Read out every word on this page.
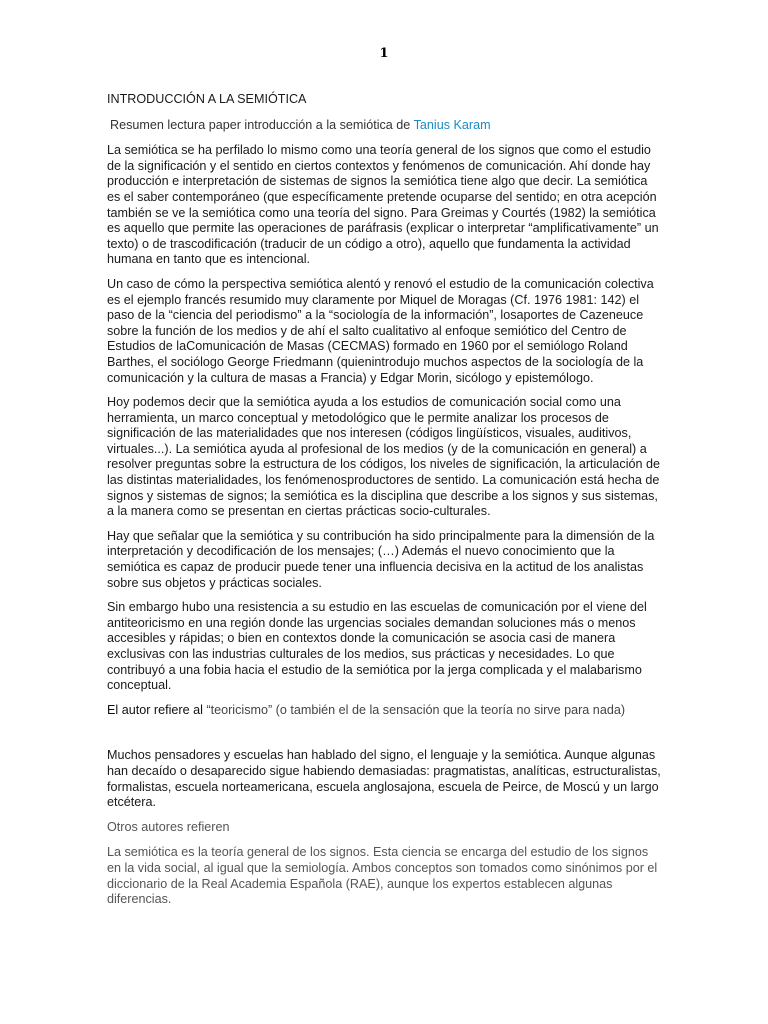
1
INTRODUCCIÓN A LA SEMIÓTICA
Resumen lectura paper introducción a la semiótica de Tanius Karam

La semiótica se ha perfilado lo mismo como una teoría general de los signos que como el estudio de la significación y el sentido en ciertos contextos y fenómenos de comunicación. Ahí donde hay producción e interpretación de sistemas de signos la semiótica tiene algo que decir. La semiótica es el saber contemporáneo (que específicamente pretende ocuparse del sentido; en otra acepción también se ve la semiótica como una teoría del signo. Para Greimas y Courtés (1982) la semiótica es aquello que permite las operaciones de paráfrasis (explicar o interpretar “amplificativamente” un texto) o de trascodificación (traducir de un código a otro), aquello que fundamenta la actividad humana en tanto que es intencional.

Un caso de cómo la perspectiva semiótica alentó y renovó el estudio de la comunicación colectiva es el ejemplo francés resumido muy claramente por Miquel de Moragas (Cf. 1976 1981: 142) el paso de la “ciencia del periodismo” a la “sociología de la información”, losaportes de Cazeneuce sobre la función de los medios y de ahí el salto cualitativo al enfoque semiótico del Centro de Estudios de laComunicación de Masas (CECMAS) formado en 1960 por el semiólogo Roland Barthes, el sociólogo George Friedmann (quienintrodujo muchos aspectos de la sociología de la comunicación y la cultura de masas a Francia) y Edgar Morin, sicólogo y epistemólogo.

Hoy podemos decir que la semiótica ayuda a los estudios de comunicación social como una herramienta, un marco conceptual y metodológico que le permite analizar los procesos de significación de las materialidades que nos interesen (códigos lingüísticos, visuales, auditivos, virtuales...). La semiótica ayuda al profesional de los medios (y de la comunicación en general) a resolver preguntas sobre la estructura de los códigos, los niveles de significación, la articulación de las distintas materialidades, los fenómenosproductores de sentido. La comunicación está hecha de signos y sistemas de signos; la semiótica es la disciplina que describe a los signos y sus sistemas, a la manera como se presentan en ciertas prácticas socio-culturales.

Hay que señalar que la semiótica y su contribución ha sido principalmente para la dimensión de la interpretación y decodificación de los mensajes; (…) Además el nuevo conocimiento que la semiótica es capaz de producir puede tener una influencia decisiva en la actitud de los analistas sobre sus objetos y prácticas sociales.

Sin embargo hubo una resistencia a su estudio en las escuelas de comunicación por el viene del antiteoricismo en una región donde las urgencias sociales demandan soluciones más o menos accesibles y rápidas; o bien en contextos donde la comunicación se asocia casi de manera exclusivas con las industrias culturales de los medios, sus prácticas y necesidades. Lo que contribuyó a una fobia hacia el estudio de la semiótica por la jerga complicada y el malabarismo conceptual.

El autor refiere al “teoricismo” (o también el de la sensación que la teoría no sirve para nada)

Muchos pensadores y escuelas han hablado del signo, el lenguaje y la semiótica. Aunque algunas han decaído o desaparecido sigue habiendo demasiadas: pragmatistas, analíticas, estructuralistas, formalistas, escuela norteamericana, escuela anglosajona, escuela de Peirce, de Moscú y un largo etcétera.

Otros autores refieren

La semiótica es la teoría general de los signos. Esta ciencia se encarga del estudio de los signos en la vida social, al igual que la semiología. Ambos conceptos son tomados como sinónimos por el diccionario de la Real Academia Española (RAE), aunque los expertos establecen algunas diferencias.
